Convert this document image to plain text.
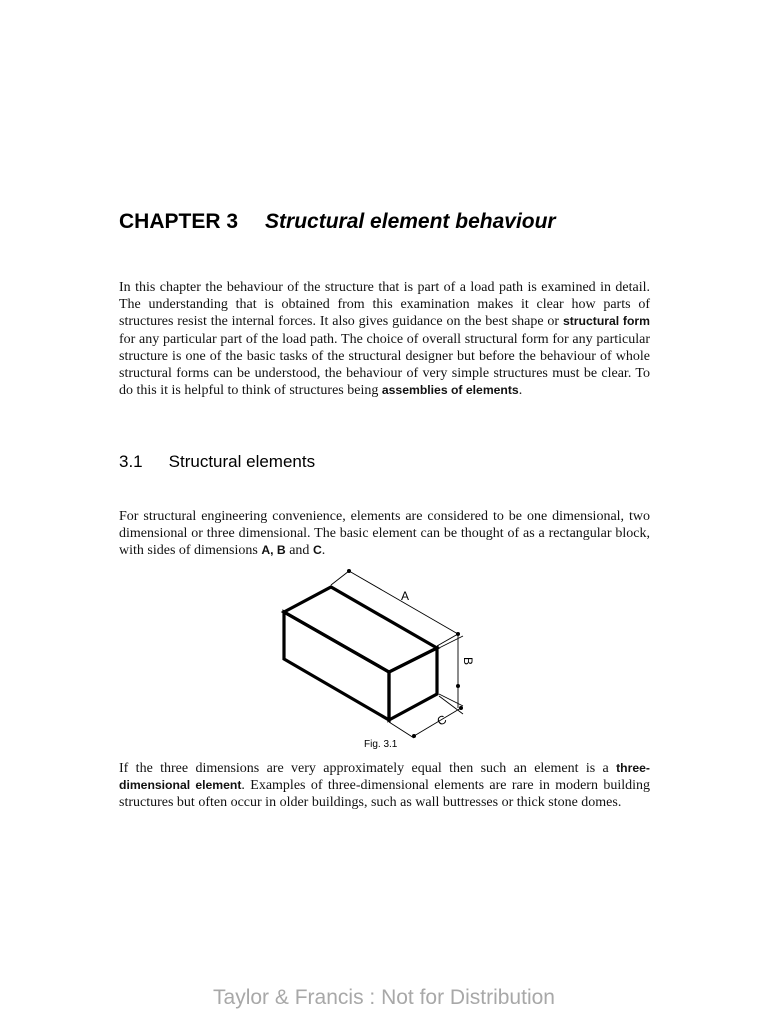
CHAPTER 3 Structural element behaviour

In this chapter the behaviour of the structure that is part of a load path is examined in detail. The understanding that is obtained from this examination makes it clear how parts of structures resist the internal forces. It also gives guidance on the best shape or structural form for any particular part of the load path. The choice of overall structural form for any particular structure is one of the basic tasks of the structural designer but before the behaviour of whole structural forms can be understood, the behaviour of very simple structures must be clear. To do this it is helpful to think of structures being assemblies of elements.

3.1 Structural elements

For structural engineering convenience, elements are considered to be one dimensional, two dimensional or three dimensional. The basic element can be thought of as a rectangular block, with sides of dimensions A, B and C.

A
B
C

Fig. 3.1

If the three dimensions are very approximately equal then such an element is a three-dimensional element. Examples of three-dimensional elements are rare in modern building structures but often occur in older buildings, such as wall buttresses or thick stone domes.

Taylor & Francis : Not for Distribution
